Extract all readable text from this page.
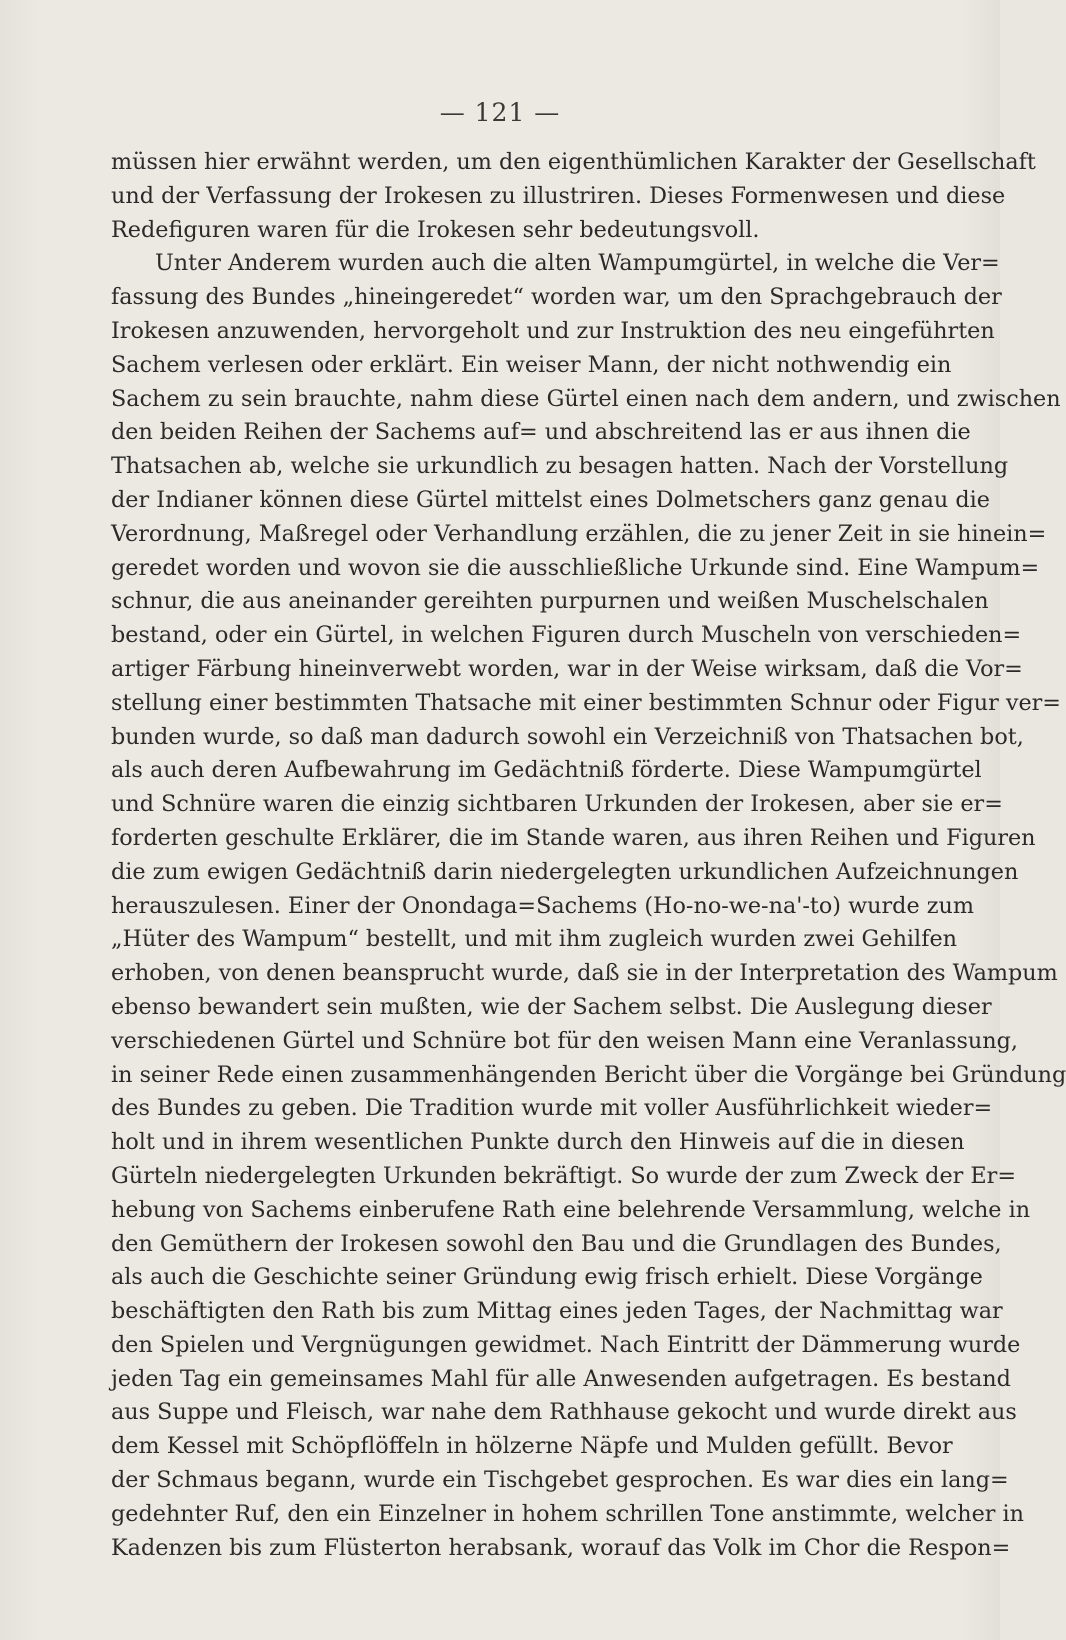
— 121 —
müssen hier erwähnt werden, um den eigenthümlichen Karakter der Gesellschaft
und der Verfassung der Irokesen zu illustriren. Dieses Formenwesen und diese
Redefiguren waren für die Irokesen sehr bedeutungsvoll.
Unter Anderem wurden auch die alten Wampumgürtel, in welche die Ver=
fassung des Bundes „hineingeredet“ worden war, um den Sprachgebrauch der
Irokesen anzuwenden, hervorgeholt und zur Instruktion des neu eingeführten
Sachem verlesen oder erklärt. Ein weiser Mann, der nicht nothwendig ein
Sachem zu sein brauchte, nahm diese Gürtel einen nach dem andern, und zwischen
den beiden Reihen der Sachems auf= und abschreitend las er aus ihnen die
Thatsachen ab, welche sie urkundlich zu besagen hatten. Nach der Vorstellung
der Indianer können diese Gürtel mittelst eines Dolmetschers ganz genau die
Verordnung, Maßregel oder Verhandlung erzählen, die zu jener Zeit in sie hinein=
geredet worden und wovon sie die ausschließliche Urkunde sind. Eine Wampum=
schnur, die aus aneinander gereihten purpurnen und weißen Muschelschalen
bestand, oder ein Gürtel, in welchen Figuren durch Muscheln von verschieden=
artiger Färbung hineinverwebt worden, war in der Weise wirksam, daß die Vor=
stellung einer bestimmten Thatsache mit einer bestimmten Schnur oder Figur ver=
bunden wurde, so daß man dadurch sowohl ein Verzeichniß von Thatsachen bot,
als auch deren Aufbewahrung im Gedächtniß förderte. Diese Wampumgürtel
und Schnüre waren die einzig sichtbaren Urkunden der Irokesen, aber sie er=
forderten geschulte Erklärer, die im Stande waren, aus ihren Reihen und Figuren
die zum ewigen Gedächtniß darin niedergelegten urkundlichen Aufzeichnungen
herauszulesen. Einer der Onondaga=Sachems (Ho-no-we-na'-to) wurde zum
„Hüter des Wampum“ bestellt, und mit ihm zugleich wurden zwei Gehilfen
erhoben, von denen beansprucht wurde, daß sie in der Interpretation des Wampum
ebenso bewandert sein mußten, wie der Sachem selbst. Die Auslegung dieser
verschiedenen Gürtel und Schnüre bot für den weisen Mann eine Veranlassung,
in seiner Rede einen zusammenhängenden Bericht über die Vorgänge bei Gründung
des Bundes zu geben. Die Tradition wurde mit voller Ausführlichkeit wieder=
holt und in ihrem wesentlichen Punkte durch den Hinweis auf die in diesen
Gürteln niedergelegten Urkunden bekräftigt. So wurde der zum Zweck der Er=
hebung von Sachems einberufene Rath eine belehrende Versammlung, welche in
den Gemüthern der Irokesen sowohl den Bau und die Grundlagen des Bundes,
als auch die Geschichte seiner Gründung ewig frisch erhielt. Diese Vorgänge
beschäftigten den Rath bis zum Mittag eines jeden Tages, der Nachmittag war
den Spielen und Vergnügungen gewidmet. Nach Eintritt der Dämmerung wurde
jeden Tag ein gemeinsames Mahl für alle Anwesenden aufgetragen. Es bestand
aus Suppe und Fleisch, war nahe dem Rathhause gekocht und wurde direkt aus
dem Kessel mit Schöpflöffeln in hölzerne Näpfe und Mulden gefüllt. Bevor
der Schmaus begann, wurde ein Tischgebet gesprochen. Es war dies ein lang=
gedehnter Ruf, den ein Einzelner in hohem schrillen Tone anstimmte, welcher in
Kadenzen bis zum Flüsterton herabsank, worauf das Volk im Chor die Respon=
